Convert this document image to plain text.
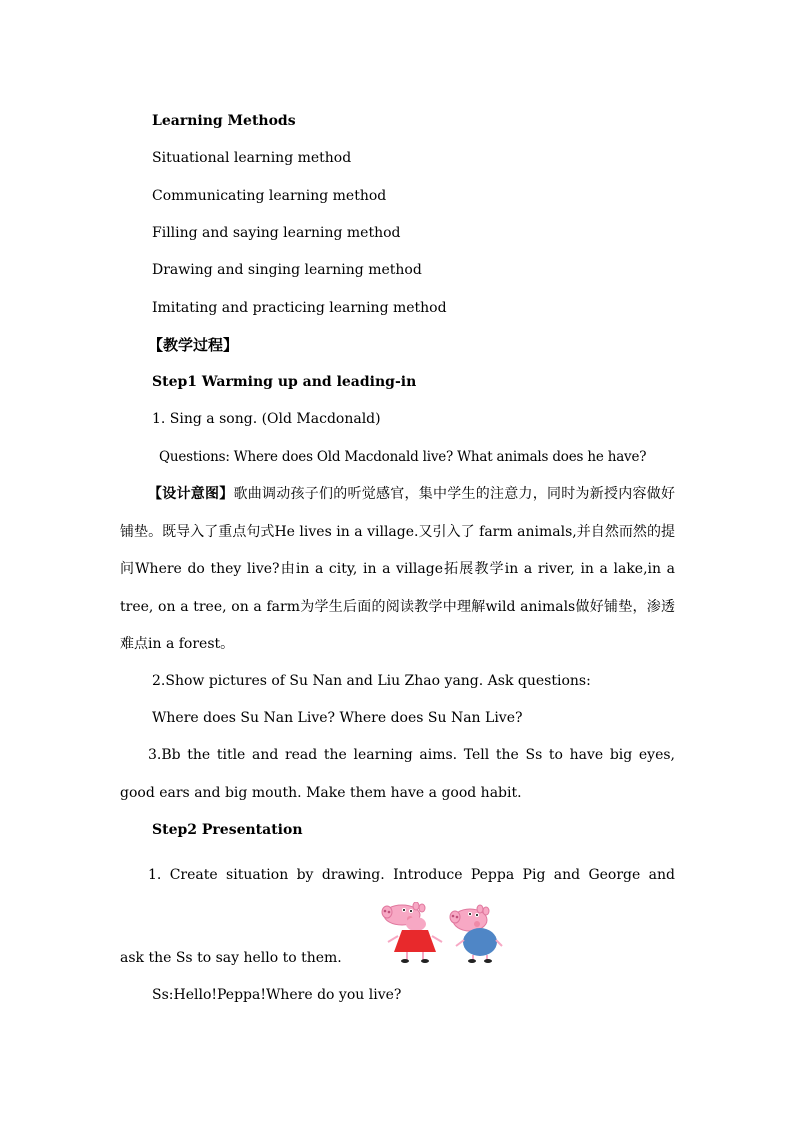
Learning Methods
Situational learning method
Communicating learning method
Filling and saying learning method
Drawing and singing learning method
Imitating and practicing learning method
【教学过程】
Step1 Warming up and leading-in
1. Sing a song. (Old Macdonald)
Questions: Where does Old Macdonald live? What animals does he have?
【设计意图】歌曲调动孩子们的听觉感官，集中学生的注意力，同时为新授内容做好铺垫。既导入了重点句式He lives in a village.又引入了 farm animals,并自然而然的提问Where do they live?由in a city, in a village拓展教学in a river, in a lake,in a tree, on a tree, on a farm为学生后面的阅读教学中理解wild animals做好铺垫，渗透难点in a forest。
2.Show pictures of Su Nan and Liu Zhao yang. Ask questions:
Where does Su Nan Live? Where does Su Nan Live?
3.Bb the title and read the learning aims. Tell the Ss to have big eyes, good ears and big mouth. Make them have a good habit.
Step2 Presentation
1. Create situation by drawing. Introduce Peppa Pig and George and
ask the Ss to say hello to them.
Ss:Hello!Peppa!Where do you live?
